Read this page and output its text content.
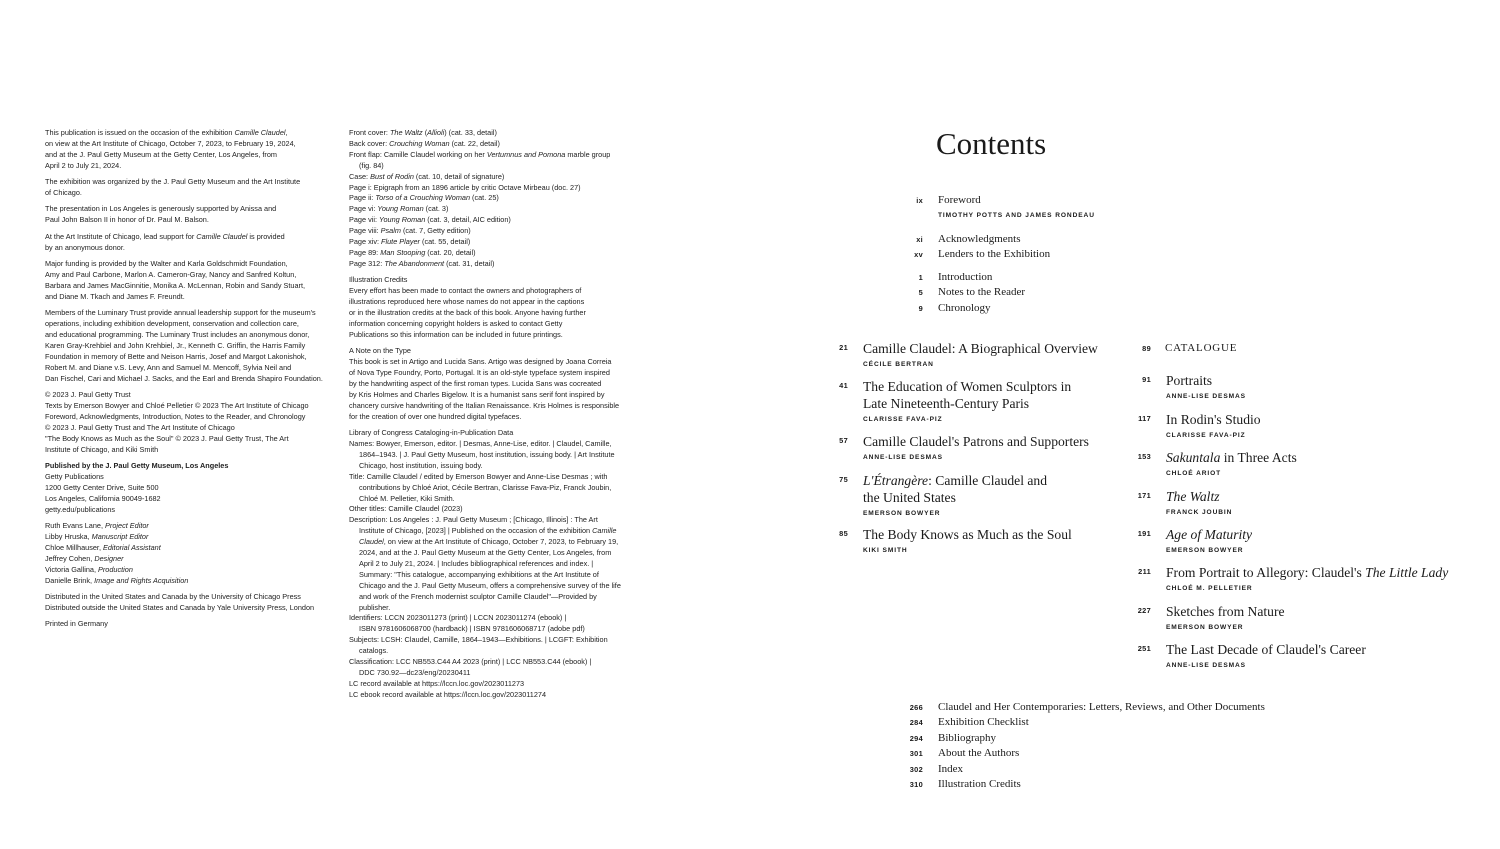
This publication is issued on the occasion of the exhibition Camille Claudel,
on view at the Art Institute of Chicago, October 7, 2023, to February 19, 2024,
and at the J. Paul Getty Museum at the Getty Center, Los Angeles, from
April 2 to July 21, 2024.

The exhibition was organized by the J. Paul Getty Museum and the Art Institute
of Chicago.

The presentation in Los Angeles is generously supported by Anissa and
Paul John Balson II in honor of Dr. Paul M. Balson.

At the Art Institute of Chicago, lead support for Camille Claudel is provided
by an anonymous donor.

Major funding is provided by the Walter and Karla Goldschmidt Foundation,
Amy and Paul Carbone, Marlon A. Cameron-Gray, Nancy and Sanfred Koltun,
Barbara and James MacGinnitie, Monika A. McLennan, Robin and Sandy Stuart,
and Diane M. Tkach and James F. Freundt.

Members of the Luminary Trust provide annual leadership support for the museum's
operations, including exhibition development, conservation and collection care,
and educational programming. The Luminary Trust includes an anonymous donor,
Karen Gray-Krehbiel and John Krehbiel, Jr., Kenneth C. Griffin, the Harris Family
Foundation in memory of Bette and Neison Harris, Josef and Margot Lakonishok,
Robert M. and Diane v.S. Levy, Ann and Samuel M. Mencoff, Sylvia Neil and
Dan Fischel, Cari and Michael J. Sacks, and the Earl and Brenda Shapiro Foundation.

© 2023 J. Paul Getty Trust
Texts by Emerson Bowyer and Chloé Pelletier © 2023 The Art Institute of Chicago
Foreword, Acknowledgments, Introduction, Notes to the Reader, and Chronology
© 2023 J. Paul Getty Trust and The Art Institute of Chicago
"The Body Knows as Much as the Soul" © 2023 J. Paul Getty Trust, The Art
Institute of Chicago, and Kiki Smith

Published by the J. Paul Getty Museum, Los Angeles
Getty Publications
1200 Getty Center Drive, Suite 500
Los Angeles, California 90049-1682
getty.edu/publications

Ruth Evans Lane, Project Editor
Libby Hruska, Manuscript Editor
Chloe Millhauser, Editorial Assistant
Jeffrey Cohen, Designer
Victoria Gallina, Production
Danielle Brink, Image and Rights Acquisition

Distributed in the United States and Canada by the University of Chicago Press
Distributed outside the United States and Canada by Yale University Press, London

Printed in Germany

Front cover: The Waltz (Allioli) (cat. 33, detail)
Back cover: Crouching Woman (cat. 22, detail)
Front flap: Camille Claudel working on her Vertumnus and Pomona marble group
(fig. 84)
Case: Bust of Rodin (cat. 10, detail of signature)
Page i: Epigraph from an 1896 article by critic Octave Mirbeau (doc. 27)
Page ii: Torso of a Crouching Woman (cat. 25)
Page vi: Young Roman (cat. 3)
Page vii: Young Roman (cat. 3, detail, AIC edition)
Page viii: Psalm (cat. 7, Getty edition)
Page xiv: Flute Player (cat. 55, detail)
Page 89: Man Stooping (cat. 20, detail)
Page 312: The Abandonment (cat. 31, detail)

Illustration Credits
Every effort has been made to contact the owners and photographers of
illustrations reproduced here whose names do not appear in the captions
or in the illustration credits at the back of this book. Anyone having further
information concerning copyright holders is asked to contact Getty
Publications so this information can be included in future printings.

A Note on the Type
This book is set in Artigo and Lucida Sans. Artigo was designed by Joana Correia
of Nova Type Foundry, Porto, Portugal. It is an old-style typeface system inspired
by the handwriting aspect of the first roman types. Lucida Sans was cocreated
by Kris Holmes and Charles Bigelow. It is a humanist sans serif font inspired by
chancery cursive handwriting of the Italian Renaissance. Kris Holmes is responsible
for the creation of over one hundred digital typefaces.

Library of Congress Cataloging-in-Publication Data
Names: Bowyer, Emerson, editor. | Desmas, Anne-Lise, editor. | Claudel, Camille,
1864–1943. | J. Paul Getty Museum, host institution, issuing body. | Art Institute
Chicago, host institution, issuing body.
Title: Camille Claudel / edited by Emerson Bowyer and Anne-Lise Desmas ; with
contributions by Chloé Ariot, Cécile Bertran, Clarisse Fava-Piz, Franck Joubin,
Chloé M. Pelletier, Kiki Smith.
Other titles: Camille Claudel (2023)
Description: Los Angeles : J. Paul Getty Museum ; [Chicago, Illinois] : The Art
Institute of Chicago, [2023] | Published on the occasion of the exhibition Camille
Claudel, on view at the Art Institute of Chicago, October 7, 2023, to February 19,
2024, and at the J. Paul Getty Museum at the Getty Center, Los Angeles, from
April 2 to July 21, 2024. | Includes bibliographical references and index. |
Summary: "This catalogue, accompanying exhibitions at the Art Institute of
Chicago and the J. Paul Getty Museum, offers a comprehensive survey of the life
and work of the French modernist sculptor Camille Claudel"—Provided by
publisher.
Identifiers: LCCN 2023011273 (print) | LCCN 2023011274 (ebook) |
ISBN 9781606068700 (hardback) | ISBN 9781606068717 (adobe pdf)
Subjects: LCSH: Claudel, Camille, 1864–1943—Exhibitions. | LCGFT: Exhibition
catalogs.
Classification: LCC NB553.C44 A4 2023 (print) | LCC NB553.C44 (ebook) |
DDC 730.92—dc23/eng/20230411
LC record available at https://lccn.loc.gov/2023011273
LC ebook record available at https://lccn.loc.gov/2023011274

Contents
ix Foreword
TIMOTHY POTTS AND JAMES RONDEAU
xi Acknowledgments
xv Lenders to the Exhibition
1 Introduction
5 Notes to the Reader
9 Chronology
21 Camille Claudel: A Biographical Overview
CÉCILE BERTRAN
41 The Education of Women Sculptors in
Late Nineteenth-Century Paris
CLARISSE FAVA-PIZ
57 Camille Claudel's Patrons and Supporters
ANNE-LISE DESMAS
75 L'Étrangère: Camille Claudel and
the United States
EMERSON BOWYER
85 The Body Knows as Much as the Soul
KIKI SMITH
89 CATALOGUE
91 Portraits
ANNE-LISE DESMAS
117 In Rodin's Studio
CLARISSE FAVA-PIZ
153 Sakuntala in Three Acts
CHLOÉ ARIOT
171 The Waltz
FRANCK JOUBIN
191 Age of Maturity
EMERSON BOWYER
211 From Portrait to Allegory: Claudel's The Little Lady
CHLOÉ M. PELLETIER
227 Sketches from Nature
EMERSON BOWYER
251 The Last Decade of Claudel's Career
ANNE-LISE DESMAS
266 Claudel and Her Contemporaries: Letters, Reviews, and Other Documents
284 Exhibition Checklist
294 Bibliography
301 About the Authors
302 Index
310 Illustration Credits
